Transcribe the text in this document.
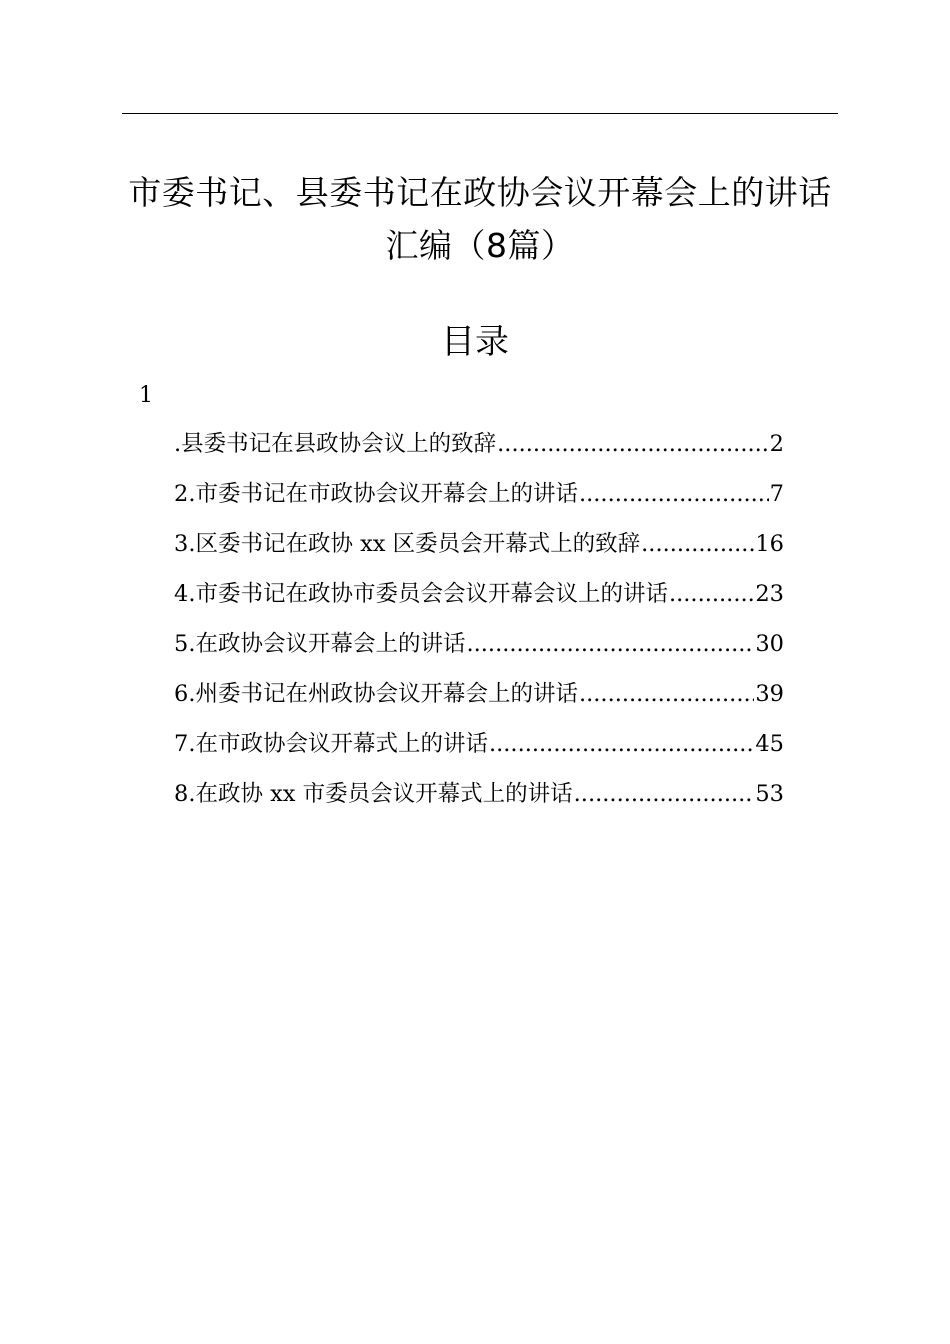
市委书记、县委书记在政协会议开幕会上的讲话汇编（8篇）
目录
1
.县委书记在县政协会议上的致辞 .....	2
2.市委书记在市政协会议开幕会上的讲话 .....	7
3.区委书记在政协 xx 区委员会开幕式上的致辞 .....	16
4.市委书记在政协市委员会会议开幕会议上的讲话 .....	23
5.在政协会议开幕会上的讲话 .....	30
6.州委书记在州政协会议开幕会上的讲话 .....	39
7.在市政协会议开幕式上的讲话 .....	45
8.在政协 xx 市委员会议开幕式上的讲话 .....	53
